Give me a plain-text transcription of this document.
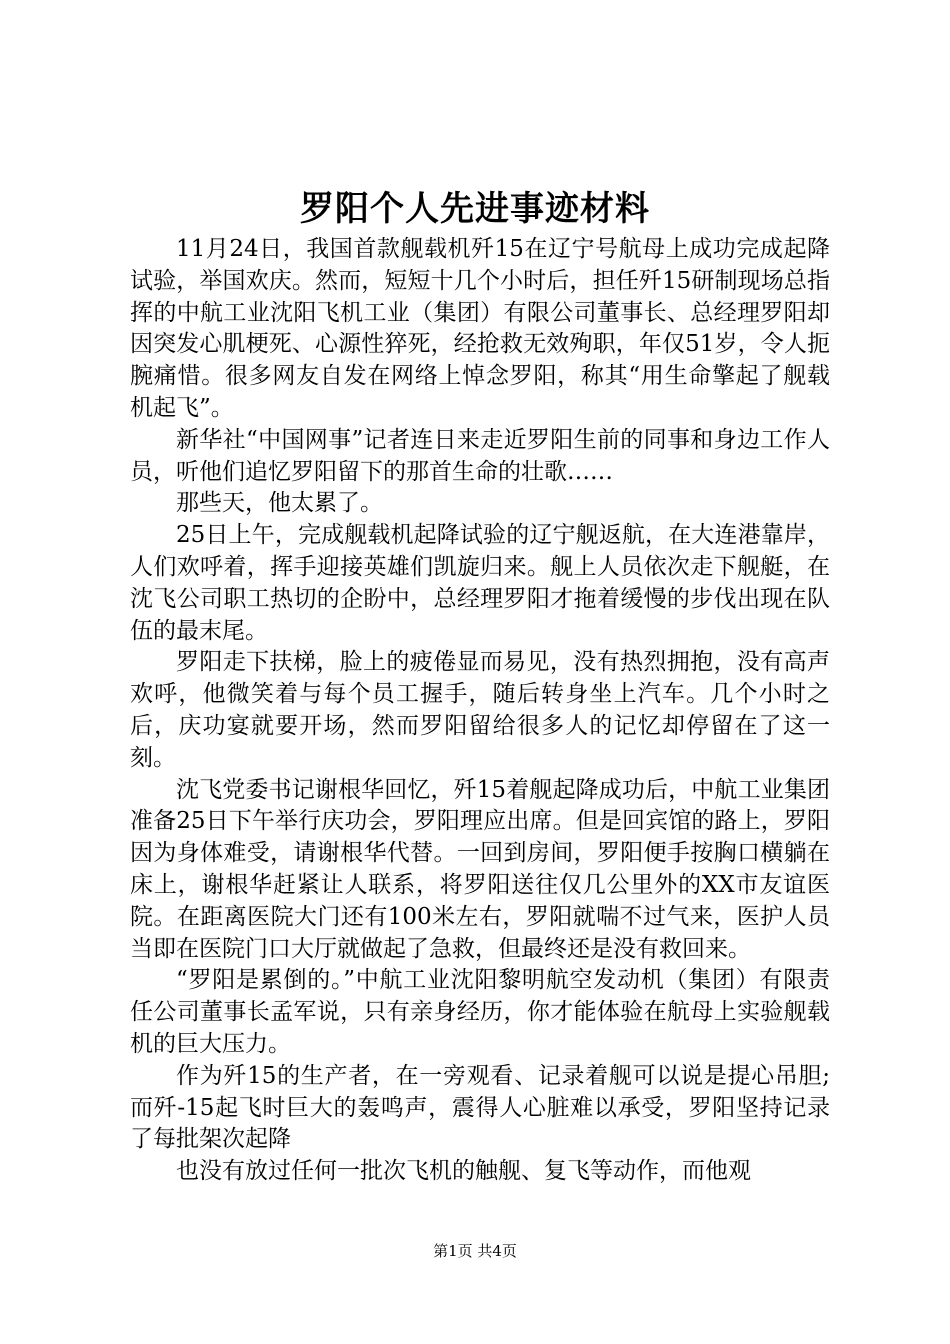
罗阳个人先进事迹材料

11月24日，我国首款舰载机歼15在辽宁号航母上成功完成起降试验，举国欢庆。然而，短短十几个小时后，担任歼15研制现场总指挥的中航工业沈阳飞机工业（集团）有限公司董事长、总经理罗阳却因突发心肌梗死、心源性猝死，经抢救无效殉职，年仅51岁，令人扼腕痛惜。很多网友自发在网络上悼念罗阳，称其“用生命擎起了舰载机起飞”。

新华社“中国网事”记者连日来走近罗阳生前的同事和身边工作人员，听他们追忆罗阳留下的那首生命的壮歌……

那些天，他太累了。

25日上午，完成舰载机起降试验的辽宁舰返航，在大连港靠岸，人们欢呼着，挥手迎接英雄们凯旋归来。舰上人员依次走下舰艇，在沈飞公司职工热切的企盼中，总经理罗阳才拖着缓慢的步伐出现在队伍的最末尾。

罗阳走下扶梯，脸上的疲倦显而易见，没有热烈拥抱，没有高声欢呼，他微笑着与每个员工握手，随后转身坐上汽车。几个小时之后，庆功宴就要开场，然而罗阳留给很多人的记忆却停留在了这一刻。

沈飞党委书记谢根华回忆，歼15着舰起降成功后，中航工业集团准备25日下午举行庆功会，罗阳理应出席。但是回宾馆的路上，罗阳因为身体难受，请谢根华代替。一回到房间，罗阳便手按胸口横躺在床上，谢根华赶紧让人联系，将罗阳送往仅几公里外的XX市友谊医院。在距离医院大门还有100米左右，罗阳就喘不过气来，医护人员当即在医院门口大厅就做起了急救，但最终还是没有救回来。

“罗阳是累倒的。”中航工业沈阳黎明航空发动机（集团）有限责任公司董事长孟军说，只有亲身经历，你才能体验在航母上实验舰载机的巨大压力。

作为歼15的生产者，在一旁观看、记录着舰可以说是提心吊胆;而歼-15起飞时巨大的轰鸣声，震得人心脏难以承受，罗阳坚持记录了每批架次起降

也没有放过任何一批次飞机的触舰、复飞等动作，而他观

第1页 共4页
